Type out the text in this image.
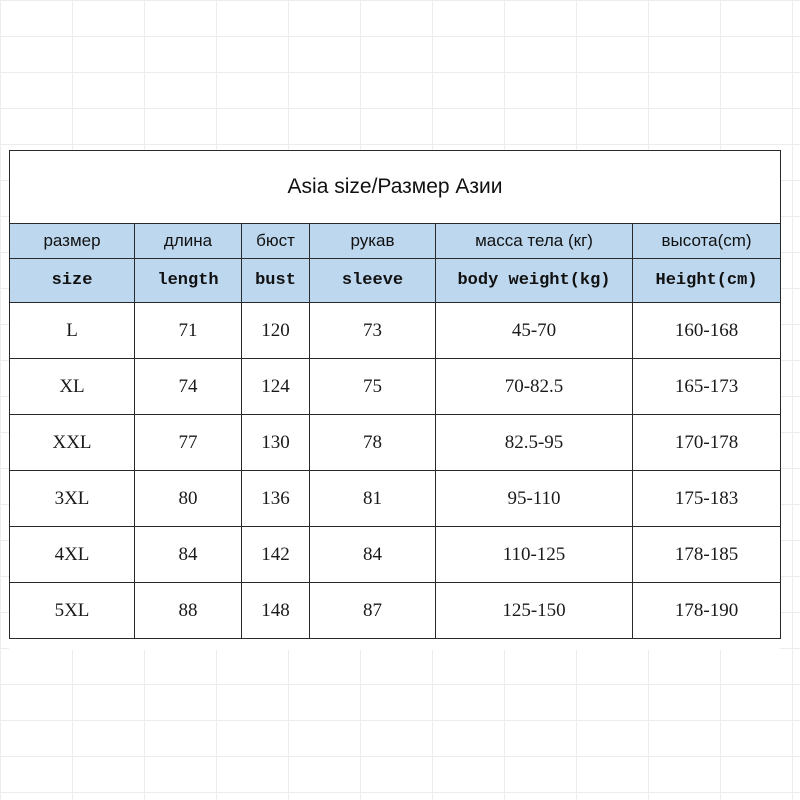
Asia size/Размер Азии					
размер	длина	бюст	рукав	масса тела (кг)	высота(cm)
size	length	bust	sleeve	body weight(kg)	Height(cm)
L	71	120	73	45-70	160-168
XL	74	124	75	70-82.5	165-173
XXL	77	130	78	82.5-95	170-178
3XL	80	136	81	95-110	175-183
4XL	84	142	84	110-125	178-185
5XL	88	148	87	125-150	178-190
